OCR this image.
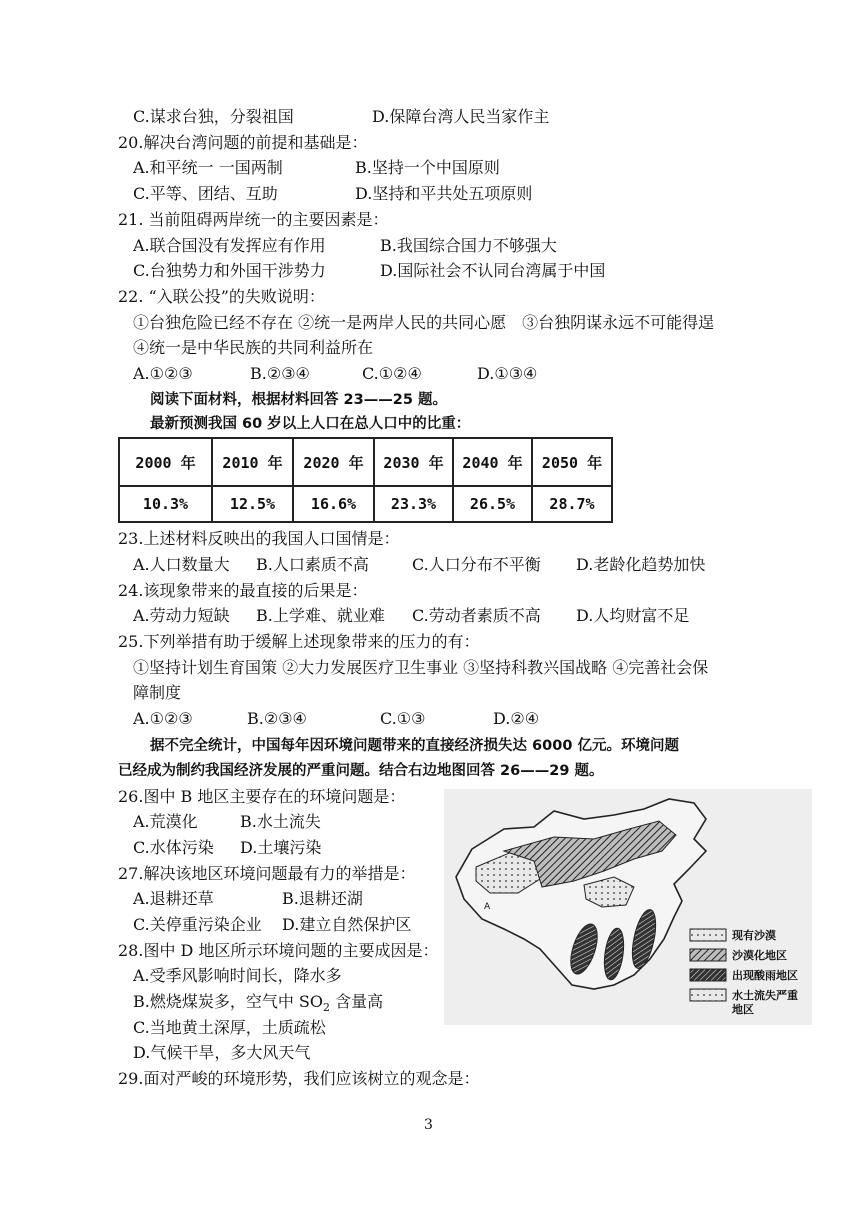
C.谋求台独，分裂祖国	D.保障台湾人民当家作主
20.解决台湾问题的前提和基础是：
A.和平统一 一国两制	B.坚持一个中国原则
C.平等、团结、互助	D.坚持和平共处五项原则
21. 当前阻碍两岸统一的主要因素是：
A.联合国没有发挥应有作用	B.我国综合国力不够强大
C.台独势力和外国干涉势力	D.国际社会不认同台湾属于中国
22. “入联公投”的失败说明：
①台独危险已经不存在 ②统一是两岸人民的共同心愿　③台独阴谋永远不可能得逞
④统一是中华民族的共同利益所在
A.①②③	B.②③④	C.①②④	D.①③④
阅读下面材料，根据材料回答 23——25 题。
最新预测我国 60 岁以上人口在总人口中的比重：
2000 年	2010 年	2020 年	2030 年	2040 年	2050 年
10.3%	12.5%	16.6%	23.3%	26.5%	28.7%
23.上述材料反映出的我国人口国情是：
A.人口数量大 B.人口素质不高	C.人口分布不平衡 D.老龄化趋势加快
24.该现象带来的最直接的后果是：
A.劳动力短缺 B.上学难、就业难 C.劳动者素质不高 D.人均财富不足
25.下列举措有助于缓解上述现象带来的压力的有：
①坚持计划生育国策 ②大力发展医疗卫生事业 ③坚持科教兴国战略 ④完善社会保
障制度
A.①②③	B.②③④	C.①③	D.②④
据不完全统计，中国每年因环境问题带来的直接经济损失达 6000 亿元。环境问题
已经成为制约我国经济发展的严重问题。结合右边地图回答 26——29 题。
26.图中 B 地区主要存在的环境问题是：
A.荒漠化	B.水土流失
C.水体污染 D.土壤污染
27.解决该地区环境问题最有力的举措是：
A.退耕还草	B.退耕还湖
C.关停重污染企业 D.建立自然保护区
28.图中 D 地区所示环境问题的主要成因是：
A.受季风影响时间长，降水多
B.燃烧煤炭多，空气中 $SO_2$ 含量高
C.当地黄土深厚，土质疏松
D.气候干旱，多大风天气
29.面对严峻的环境形势，我们应该树立的观念是：
A
现有沙漠
沙漠化地区
出现酸雨地区
水土流失严重
地区
3
